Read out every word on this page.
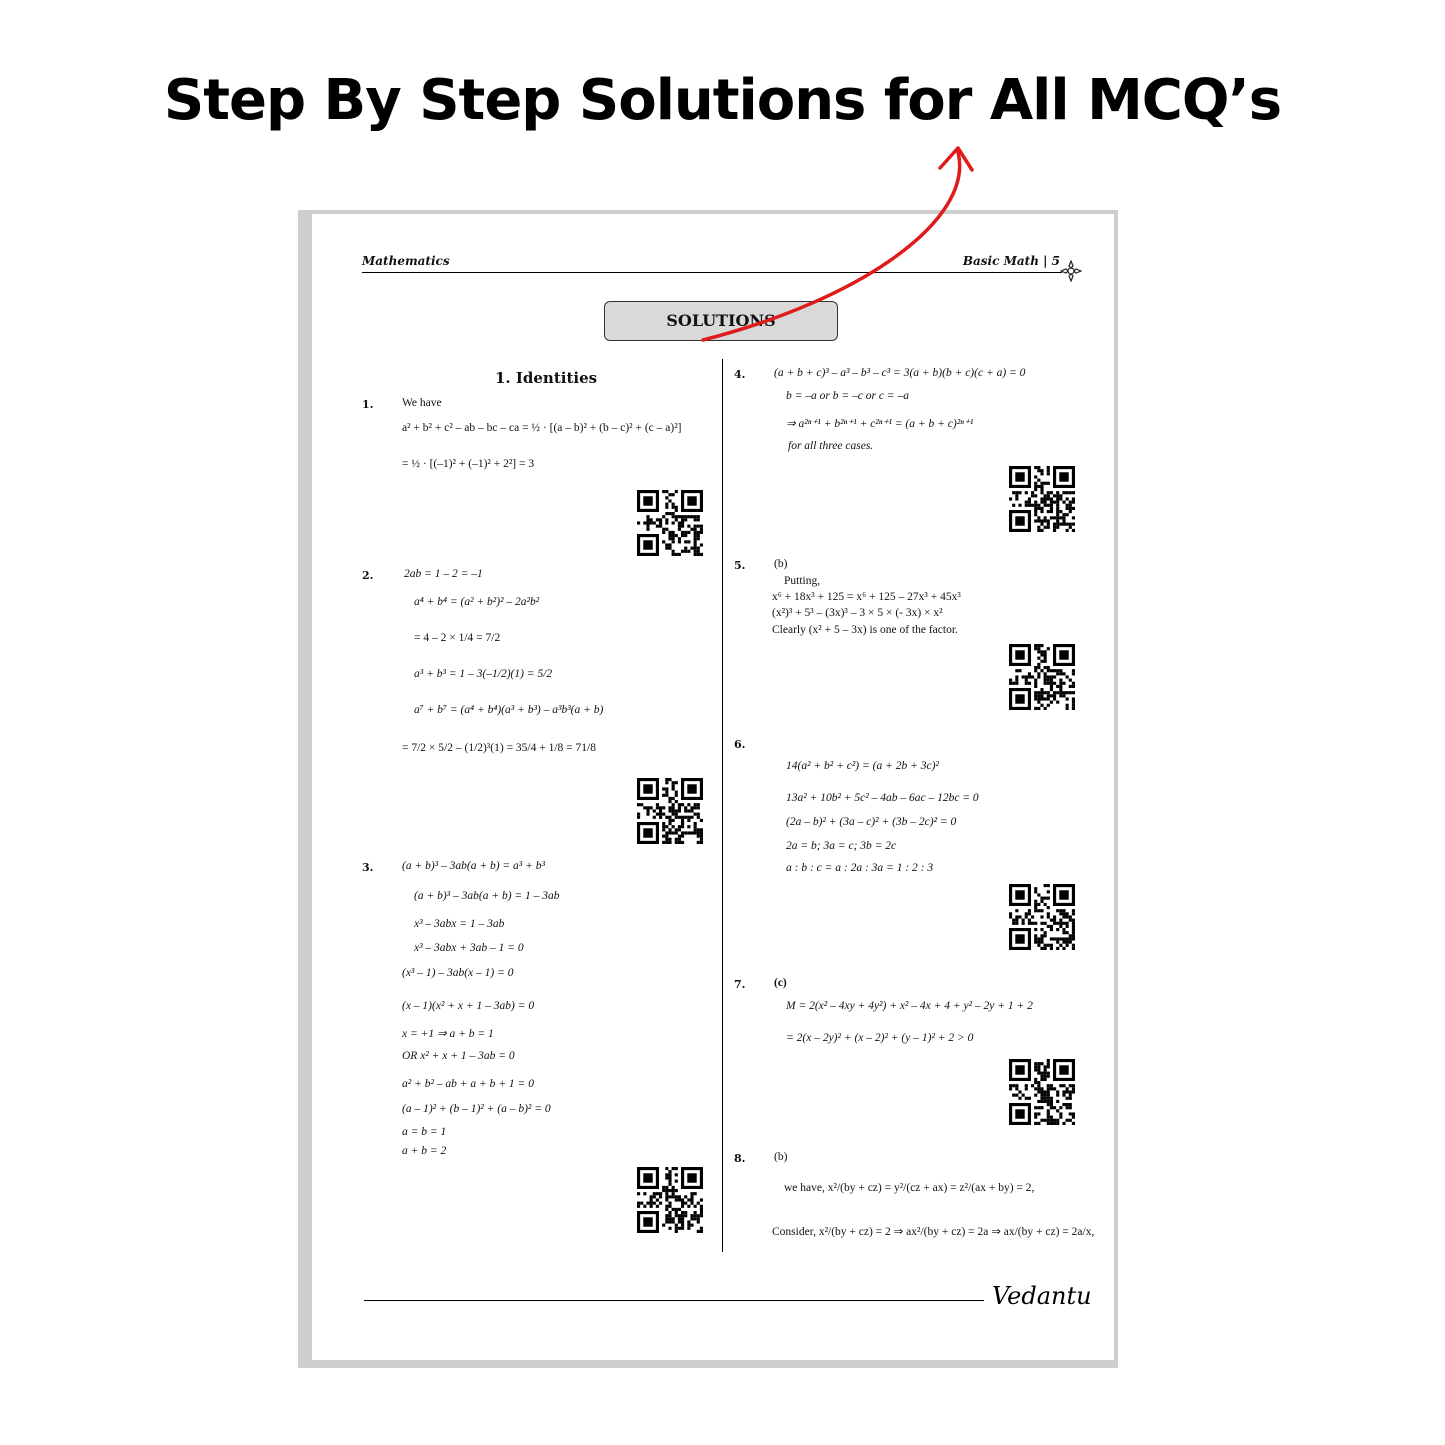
Step By Step Solutions for All MCQ’s
Mathematics	Basic Math | 5
SOLUTIONS
1. Identities
1. We have
a² + b² + c² – ab – bc – ca = ½ · [(a – b)² + (b – c)² + (c – a)²]
= ½ · [(–1)² + (–1)² + 2²] = 3
2.	2ab = 1 – 2 = –1
a⁴ + b⁴ = (a² + b²)² – 2a²b²
= 4 – 2 × 1/4 = 7/2
a³ + b³ = 1 – 3(–1/2)(1) = 5/2
a⁷ + b⁷ = (a⁴ + b⁴)(a³ + b³) – a³b³(a + b)
= 7/2 × 5/2 – (1/2)³(1) = 35/4 + 1/8 = 71/8
3. (a + b)³ – 3ab(a + b) = a³ + b³
(a + b)³ – 3ab(a + b) = 1 – 3ab
x³ – 3abx = 1 – 3ab
x³ – 3abx + 3ab – 1 = 0
(x³ – 1) – 3ab(x – 1) = 0
(x – 1)(x² + x + 1 – 3ab) = 0
x = +1 ⇒ a + b = 1
OR x² + x + 1 – 3ab = 0
a² + b² – ab + a + b + 1 = 0
(a – 1)² + (b – 1)² + (a – b)² = 0
a = b = 1
a + b = 2
4. (a + b + c)³ – a³ – b³ – c³ = 3(a + b)(b + c)(c + a) = 0
b = –a or b = –c or c = –a
⇒ a²ⁿ⁺¹ + b²ⁿ⁺¹ + c²ⁿ⁺¹ = (a + b + c)²ⁿ⁺¹
for all three cases.
5. (b)
Putting,
x⁶ + 18x³ + 125 = x⁶ + 125 – 27x³ + 45x³
(x²)³ + 5³ – (3x)³ – 3 × 5 × (- 3x) × x²
Clearly (x² + 5 – 3x) is one of the factor.
6.
14(a² + b² + c²) = (a + 2b + 3c)²
13a² + 10b² + 5c² – 4ab – 6ac – 12bc = 0
(2a – b)² + (3a – c)² + (3b – 2c)² = 0
2a = b; 3a = c; 3b = 2c
a : b : c = a : 2a : 3a = 1 : 2 : 3
7. (c)
M = 2(x² – 4xy + 4y²) + x² – 4x + 4 + y² – 2y + 1 + 2
= 2(x – 2y)² + (x – 2)² + (y – 1)² + 2 > 0
8. (b)
we have, x²/(by + cz) = y²/(cz + ax) = z²/(ax + by) = 2,
Consider, x²/(by + cz) = 2 ⇒ ax²/(by + cz) = 2a ⇒ ax/(by + cz) = 2a/x,
Vedantu
